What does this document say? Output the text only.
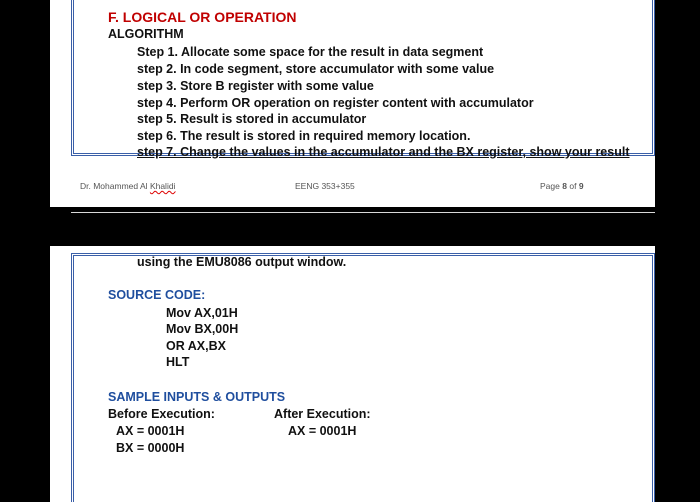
F. LOGICAL OR OPERATION
ALGORITHM
Step 1. Allocate some space for the result in data segment
step 2. In code segment, store accumulator with some value
step 3. Store B register with some value
step 4. Perform OR operation on register content with accumulator
step 5. Result is stored in accumulator
step 6. The result is stored in required memory location.
step 7. Change the values in the accumulator and the BX register, show your result
Dr. Mohammed Al Khalidi	EENG 353+355	Page 8 of 9
using the EMU8086 output window.
SOURCE CODE:
Mov AX,01H
Mov BX,00H
OR AX,BX
HLT
SAMPLE INPUTS & OUTPUTS
Before Execution:
AX = 0001H
BX = 0000H
After Execution:
AX = 0001H
